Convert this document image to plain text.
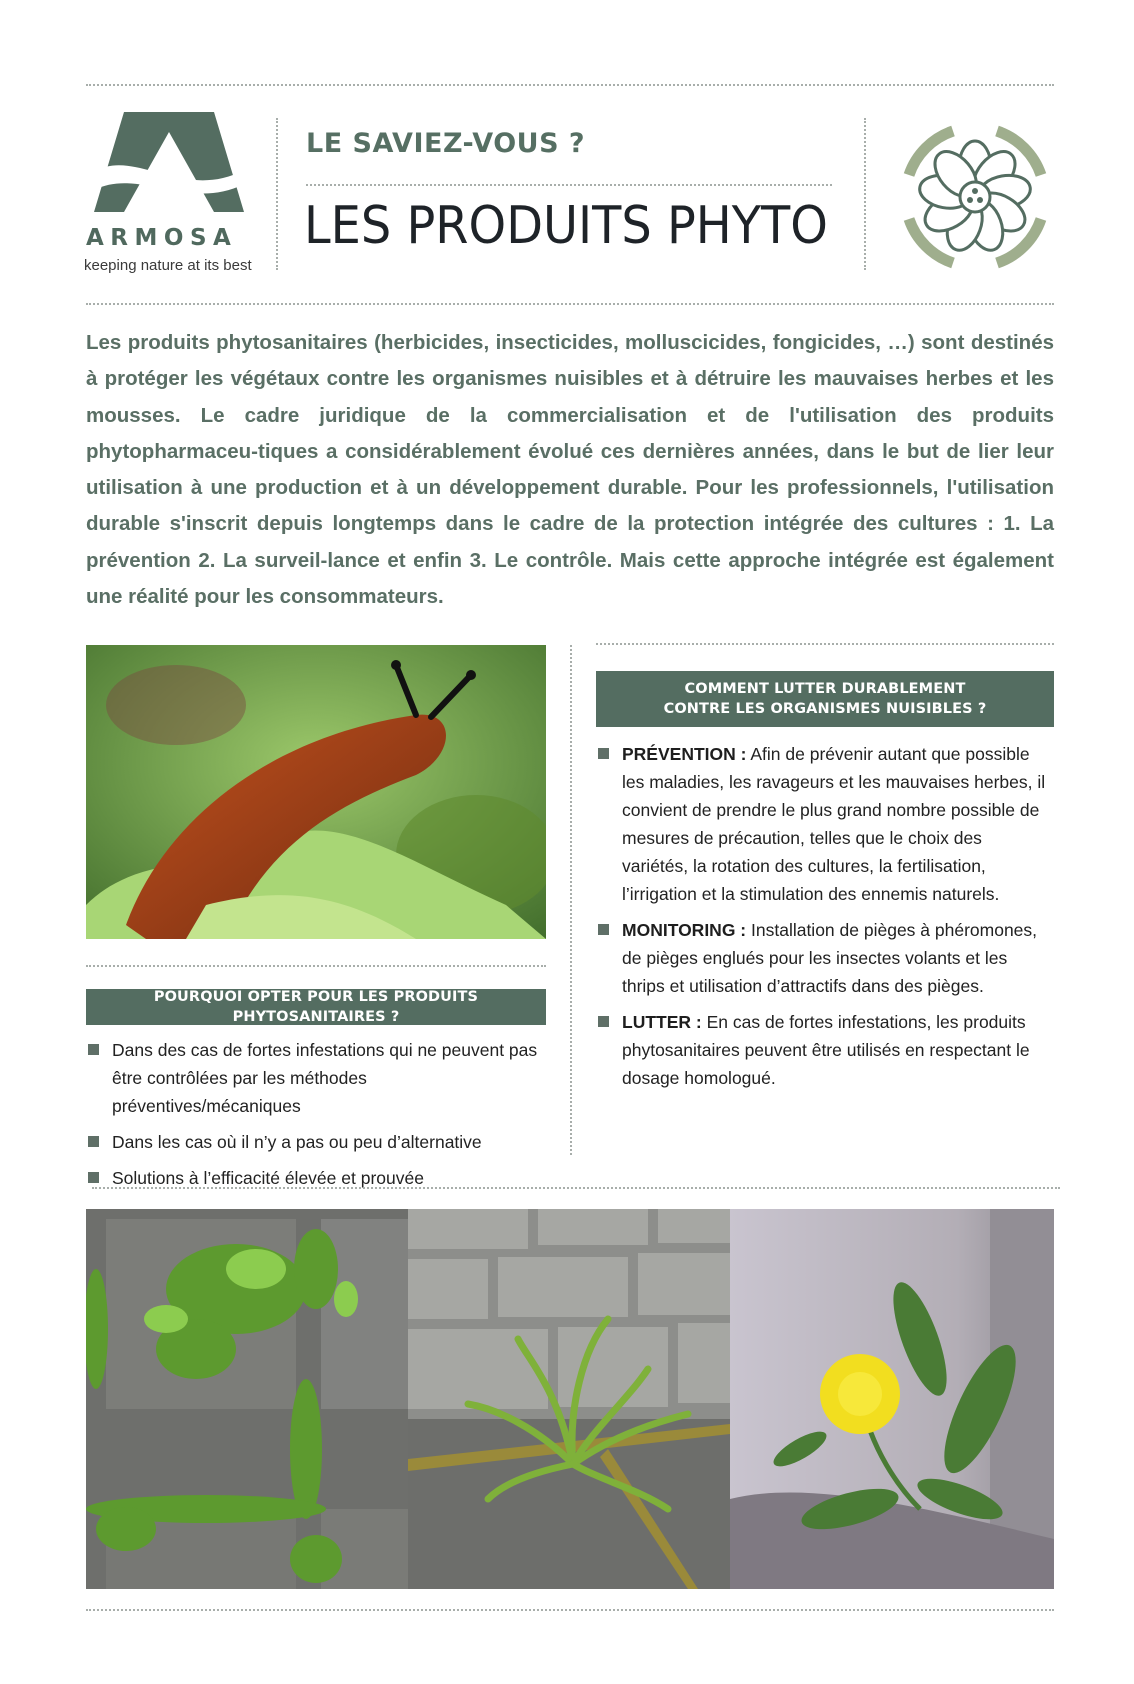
ARMOSA
keeping nature at its best
LE SAVIEZ-VOUS ?
LES PRODUITS PHYTO

Les produits phytosanitaires (herbicides, insecticides, molluscicides, fongicides, …) sont destinés à protéger les végétaux contre les organismes nuisibles et à détruire les mauvaises herbes et les mousses. Le cadre juridique de la commercialisation et de l'utilisation des produits phytopharmaceu-tiques a considérablement évolué ces dernières années, dans le but de lier leur utilisation à une production et à un développement durable. Pour les professionnels, l'utilisation durable s'inscrit depuis longtemps dans le cadre de la protection intégrée des cultures : 1. La prévention 2. La surveil-lance et enfin 3. Le contrôle. Mais cette approche intégrée est également une réalité pour les consommateurs.

COMMENT LUTTER DURABLEMENT
CONTRE LES ORGANISMES NUISIBLES ?
PRÉVENTION : Afin de prévenir autant que possible les maladies, les ravageurs et les mauvaises herbes, il convient de prendre le plus grand nombre possible de mesures de précaution, telles que le choix des variétés, la rotation des cultures, la fertilisation, l’irrigation et la stimulation des ennemis naturels.
MONITORING : Installation de pièges à phéromones, de pièges englués pour les insectes volants et les thrips et utilisation d’attractifs dans des pièges.
LUTTER : En cas de fortes infestations, les produits phytosanitaires peuvent être utilisés en respectant le dosage homologué.
POURQUOI OPTER POUR LES PRODUITS PHYTOSANITAIRES ?
Dans des cas de fortes infestations qui ne peuvent pas être contrôlées par les méthodes préventives/mécaniques
Dans les cas où il n’y a pas ou peu d’alternative
Solutions à l’efficacité élevée et prouvée
